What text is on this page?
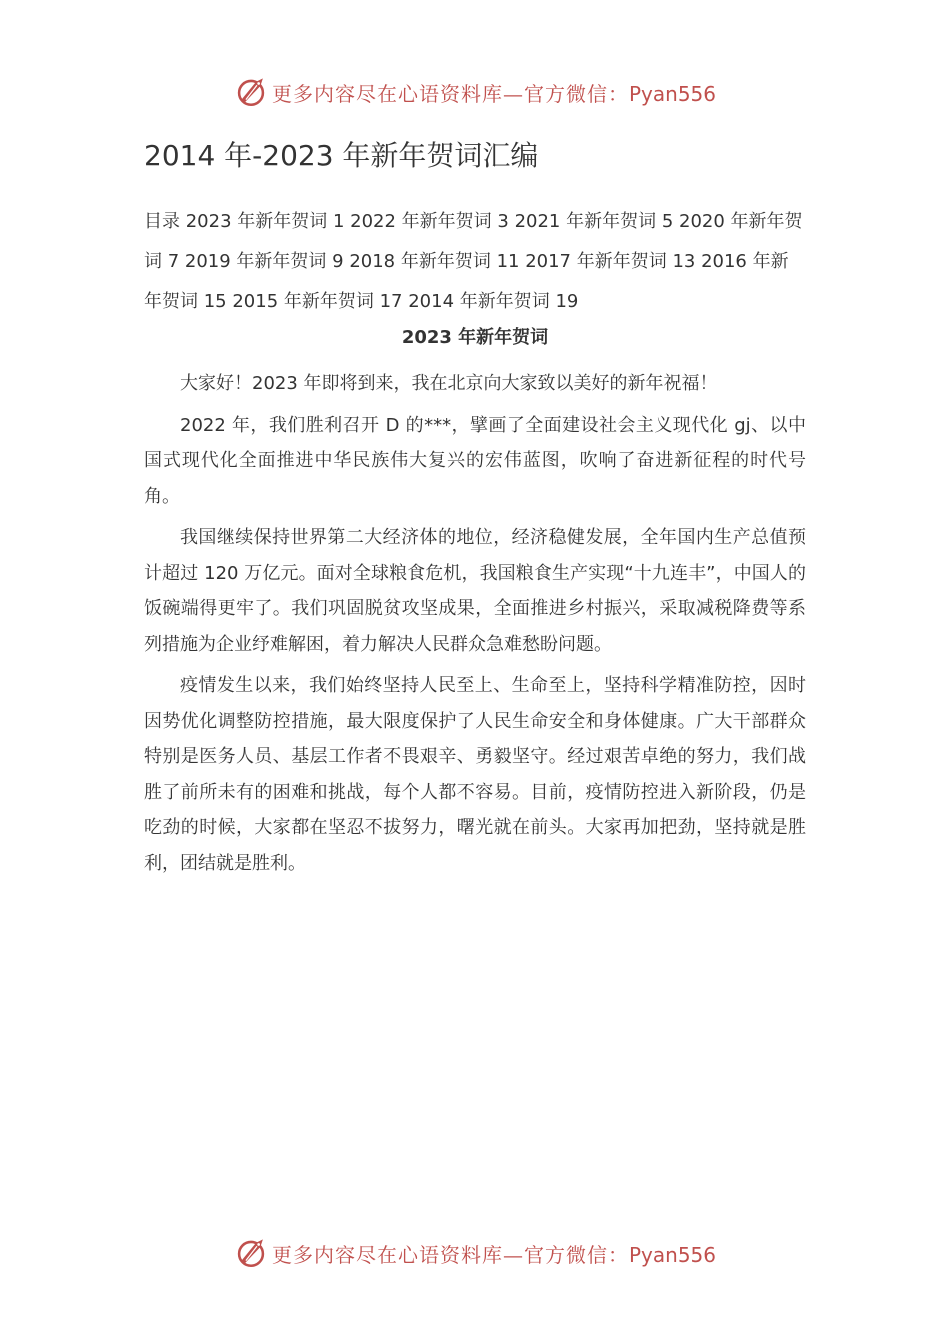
更多内容尽在心语资料库—官方微信：Pyan556
2014 年-2023 年新年贺词汇编

目录 2023 年新年贺词 1 2022 年新年贺词 3 2021 年新年贺词 5 2020 年新年贺词 7 2019 年新年贺词 9 2018 年新年贺词 11 2017 年新年贺词 13 2016 年新年贺词 15 2015 年新年贺词 17 2014 年新年贺词 19

2023 年新年贺词

大家好！2023 年即将到来，我在北京向大家致以美好的新年祝福！

2022 年，我们胜利召开 D 的***，擘画了全面建设社会主义现代化 gj、以中国式现代化全面推进中华民族伟大复兴的宏伟蓝图，吹响了奋进新征程的时代号角。

我国继续保持世界第二大经济体的地位，经济稳健发展，全年国内生产总值预计超过 120 万亿元。面对全球粮食危机，我国粮食生产实现“十九连丰”，中国人的饭碗端得更牢了。我们巩固脱贫攻坚成果，全面推进乡村振兴，采取减税降费等系列措施为企业纾难解困，着力解决人民群众急难愁盼问题。

疫情发生以来，我们始终坚持人民至上、生命至上，坚持科学精准防控，因时因势优化调整防控措施，最大限度保护了人民生命安全和身体健康。广大干部群众特别是医务人员、基层工作者不畏艰辛、勇毅坚守。经过艰苦卓绝的努力，我们战胜了前所未有的困难和挑战，每个人都不容易。目前，疫情防控进入新阶段，仍是吃劲的时候，大家都在坚忍不拔努力，曙光就在前头。大家再加把劲，坚持就是胜利，团结就是胜利。

更多内容尽在心语资料库—官方微信：Pyan556
